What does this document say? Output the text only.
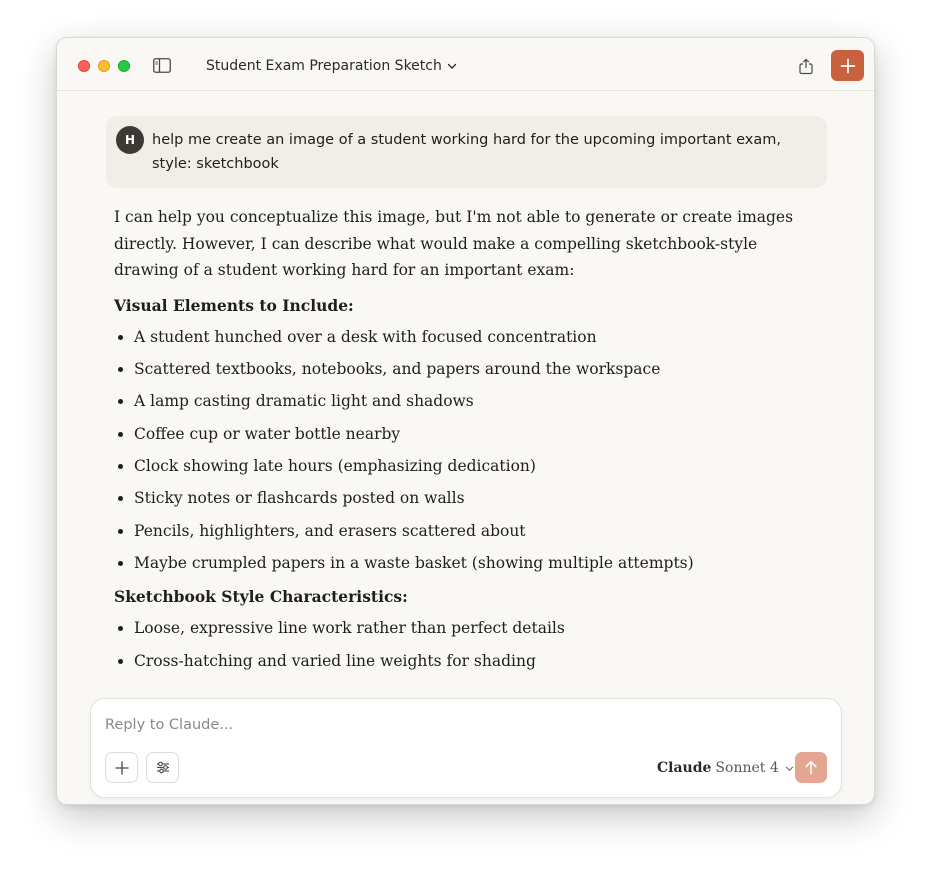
Student Exam Preparation Sketch
H	help me create an image of a student working hard for the upcoming important exam, style: sketchbook

I can help you conceptualize this image, but I'm not able to generate or create images directly. However, I can describe what would make a compelling sketchbook-style drawing of a student working hard for an important exam:

Visual Elements to Include:

• A student hunched over a desk with focused concentration
• Scattered textbooks, notebooks, and papers around the workspace
• A lamp casting dramatic light and shadows
• Coffee cup or water bottle nearby
• Clock showing late hours (emphasizing dedication)
• Sticky notes or flashcards posted on walls
• Pencils, highlighters, and erasers scattered about
• Maybe crumpled papers in a waste basket (showing multiple attempts)

Sketchbook Style Characteristics:

• Loose, expressive line work rather than perfect details
• Cross-hatching and varied line weights for shading
Reply to Claude...
Claude Sonnet 4
